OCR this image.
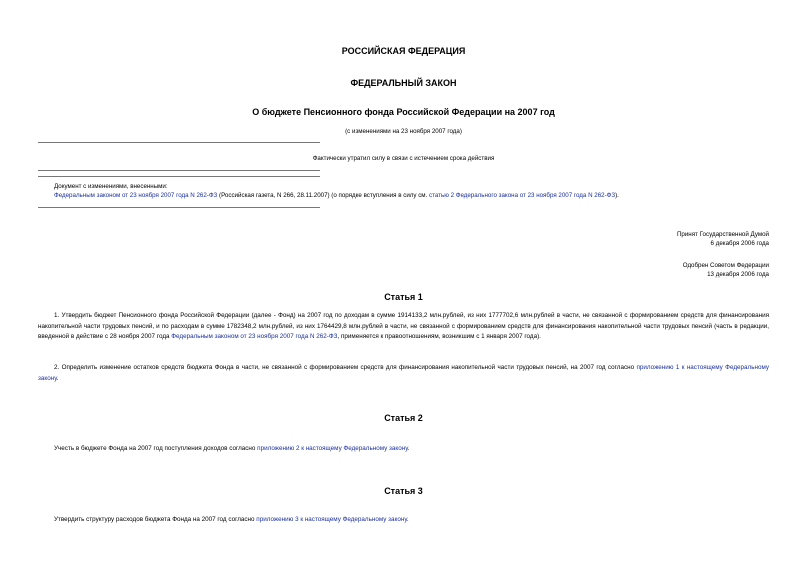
РОССИЙСКАЯ ФЕДЕРАЦИЯ
ФЕДЕРАЛЬНЫЙ ЗАКОН
О бюджете Пенсионного фонда Российской Федерации на 2007 год
(с изменениями на 23 ноября 2007 года)
Фактически утратил силу в связи с истечением срока действия
Документ с изменениями, внесенными:
Федеральным законом от 23 ноября 2007 года N 262-ФЗ (Российская газета, N 266, 28.11.2007) (о порядке вступления в силу см. статью 2 Федерального закона от 23 ноября 2007 года N 262-ФЗ).
Принят Государственной Думой
6 декабря 2006 года
Одобрен Советом Федерации
13 декабря 2006 года
Статья 1
1. Утвердить бюджет Пенсионного фонда Российской Федерации (далее - Фонд) на 2007 год по доходам в сумме 1914133,2 млн.рублей, из них 1777702,6 млн.рублей в части, не связанной с формированием средств для финансирования накопительной части трудовых пенсий, и по расходам в сумме 1782348,2 млн.рублей, из них 1764429,8 млн.рублей в части, не связанной с формированием средств для финансирования накопительной части трудовых пенсий (часть в редакции, введенной в действие с 28 ноября 2007 года Федеральным законом от 23 ноября 2007 года N 262-ФЗ, применяется к правоотношениям, возникшим с 1 января 2007 года).
2. Определить изменение остатков средств бюджета Фонда в части, не связанной с формированием средств для финансирования накопительной части трудовых пенсий, на 2007 год согласно приложению 1 к настоящему Федеральному закону.
Статья 2
Учесть в бюджете Фонда на 2007 год поступления доходов согласно приложению 2 к настоящему Федеральному закону.
Статья 3
Утвердить структуру расходов бюджета Фонда на 2007 год согласно приложению 3 к настоящему Федеральному закону.
